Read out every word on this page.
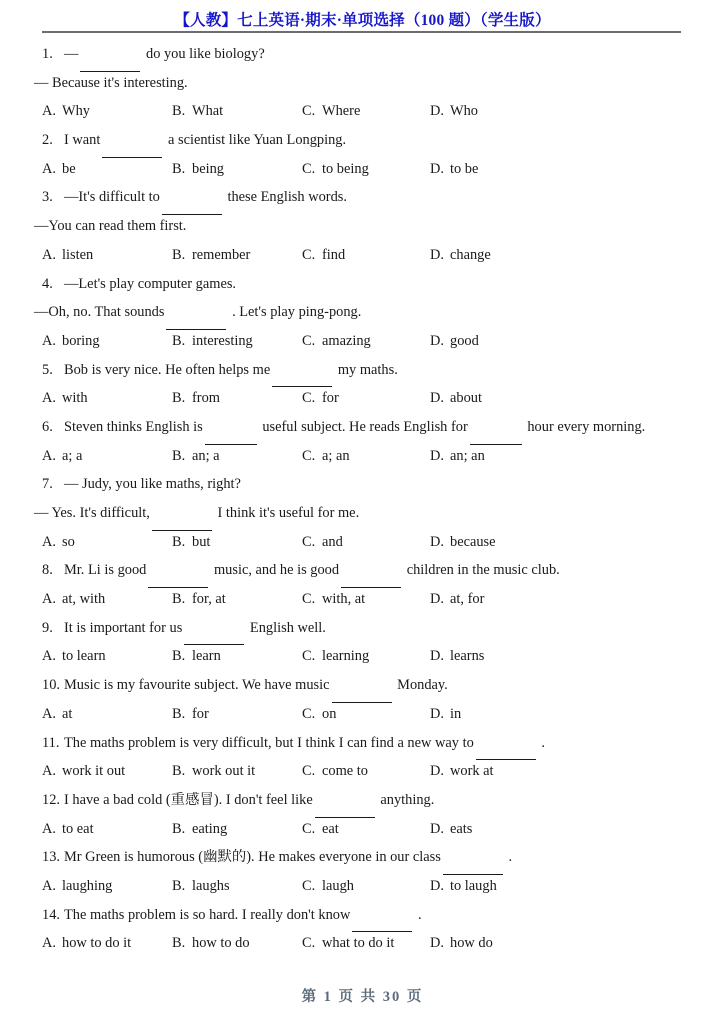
【人教】七上英语·期末·单项选择（100 题）（学生版）
1. —	do you like biology?
— Because it's interesting.
A. Why	B. What	C. Where	D. Who
2. I want	a scientist like Yuan Longping.
A. be	B. being	C. to being	D. to be
3. —It's difficult to	these English words.
—You can read them first.
A. listen	B. remember	C. find	D. change
4. —Let's play computer games.
—Oh, no. That sounds	. Let's play ping-pong.
A. boring	B. interesting	C. amazing	D. good
5. Bob is very nice. He often helps me	my maths.
A. with	B. from	C. for	D. about
6. Steven thinks English is	useful subject. He reads English for	hour every morning.
A. a; a	B. an; a	C. a; an	D. an; an
7. — Judy, you like maths, right?
— Yes. It's difficult,	I think it's useful for me.
A. so	B. but	C. and	D. because
8. Mr. Li is good	music, and he is good	children in the music club.
A. at, with	B. for, at	C. with, at	D. at, for
9. It is important for us	English well.
A. to learn	B. learn	C. learning	D. learns
10. Music is my favourite subject. We have music	Monday.
A. at	B. for	C. on	D. in
11. The maths problem is very difficult, but I think I can find a new way to	.
A. work it out	B. work out it	C. come to	D. work at
12. I have a bad cold (重感冒). I don't feel like	anything.
A. to eat	B. eating	C. eat	D. eats
13. Mr Green is humorous (幽默的). He makes everyone in our class	.
A. laughing	B. laughs	C. laugh	D. to laugh
14. The maths problem is so hard. I really don't know	.
A. how to do it	B. how to do	C. what to do it D. how do
第 1 页 共 30 页
